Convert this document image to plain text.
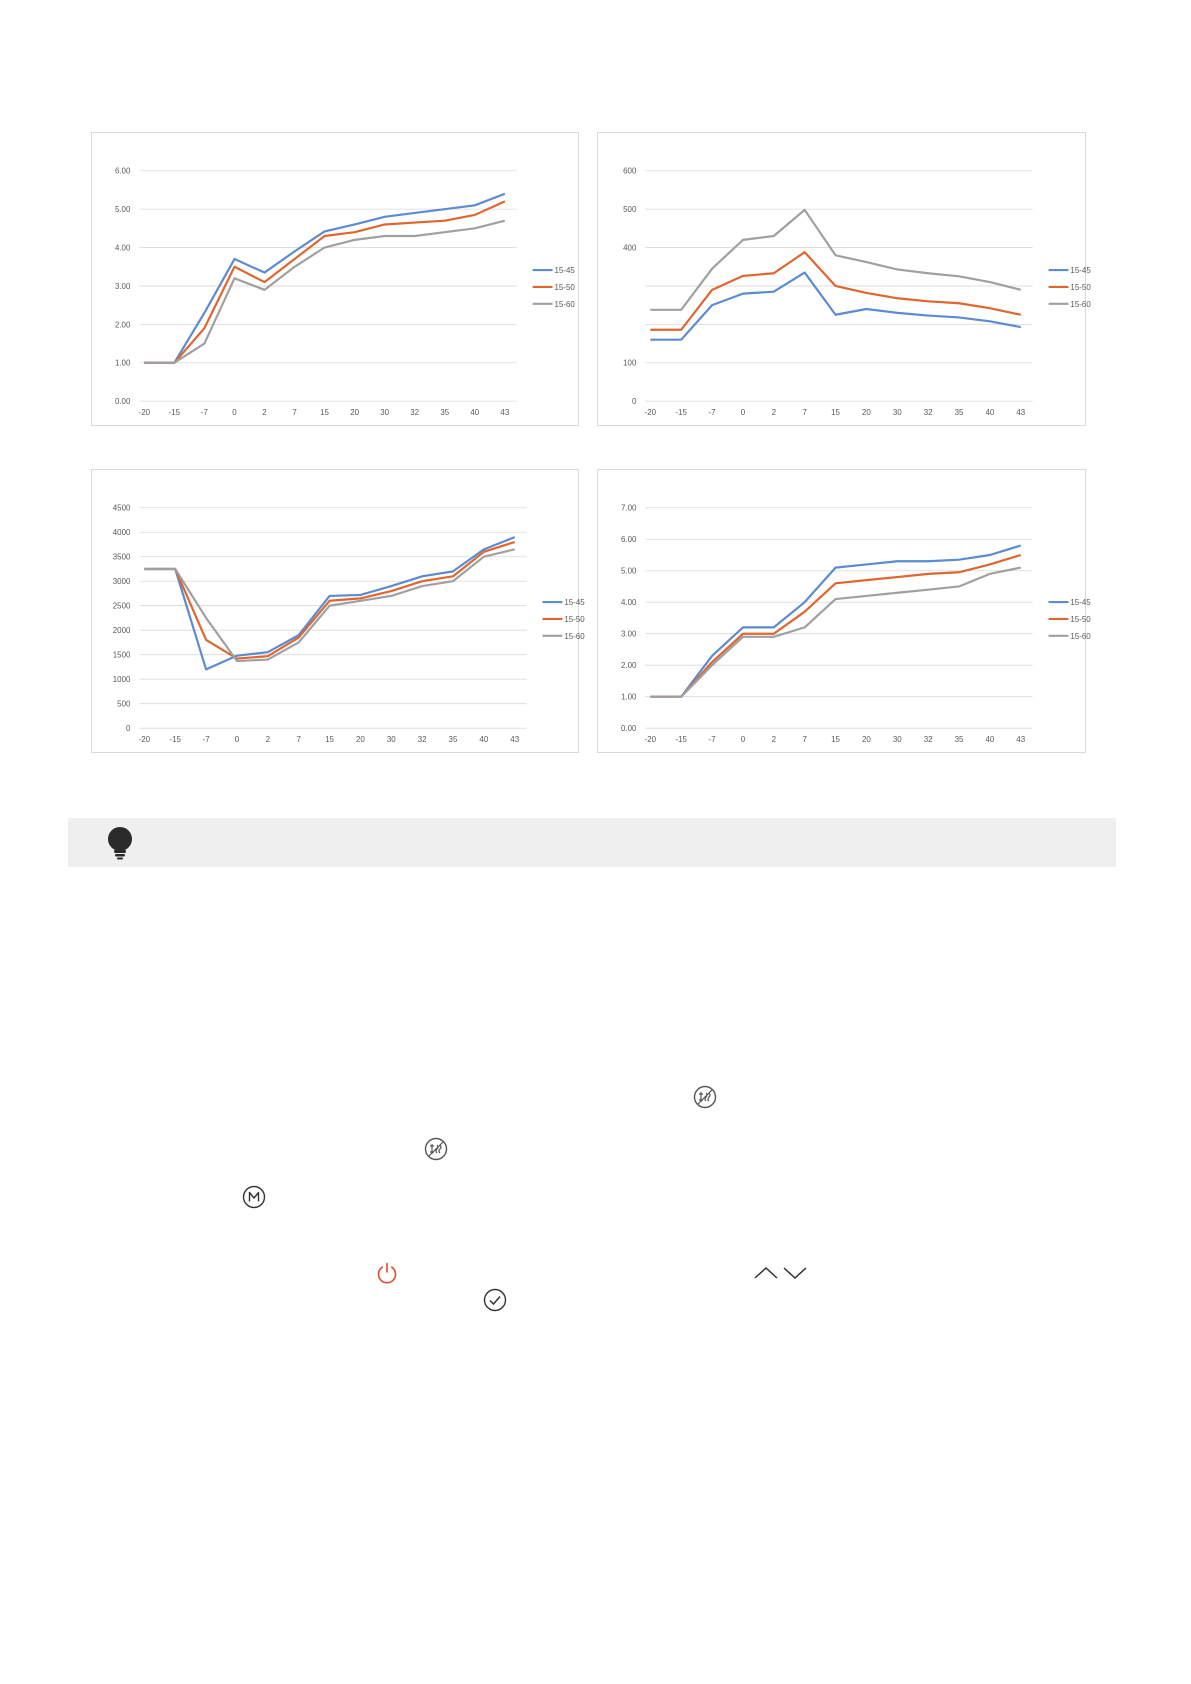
0.00
1.00
2.00
3.00
4.00
5.00
6.00
-20 -15	-7	0	2	7	15	20	30	32	35	40	43
15-45
15-50
15-60
0
100
400
500
600
-20 -15	-7	0	2	7	15	20	30	32	35	40	43
15-45
15-50
15-60
0
500
1000
1500
2000
2500
3000
3500
4000
4500
-20 -15	-7	0	2	7	15	20	30	32	35	40	43
15-45
15-50
15-60
0.00
1.00
2.00
3.00
4.00
5.00
6.00
7.00
-20 -15	-7	0	2	7	15	20	30	32	35	40	43
15-45
15-50
15-60
